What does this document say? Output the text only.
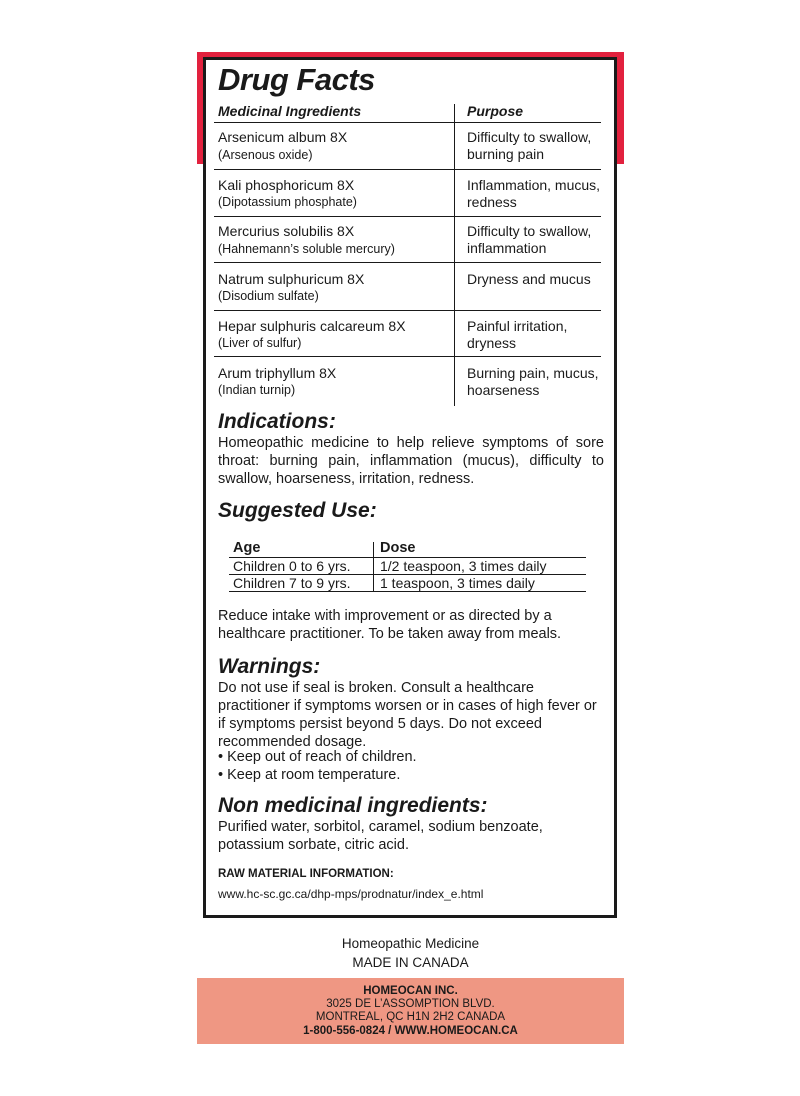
Drug Facts
Medicinal Ingredients	Purpose
Arsenicum album 8X
(Arsenous oxide)
Difficulty to swallow, burning pain
Kali phosphoricum 8X
(Dipotassium phosphate)
Inflammation, mucus, redness
Mercurius solubilis 8X
(Hahnemann’s soluble mercury)
Difficulty to swallow, inflammation
Natrum sulphuricum 8X
(Disodium sulfate)
Dryness and mucus
Hepar sulphuris calcareum 8X
(Liver of sulfur)
Painful irritation, dryness
Arum triphyllum 8X
(Indian turnip)
Burning pain, mucus, hoarseness
Indications:
Homeopathic medicine to help relieve symptoms of sore throat: burning pain, inflammation (mucus), difficulty to swallow, hoarseness, irritation, redness.
Suggested Use:
Age	Dose
Children 0 to 6 yrs. 1/2 teaspoon, 3 times daily
Children 7 to 9 yrs. 1 teaspoon, 3 times daily
Reduce intake with improvement or as directed by a healthcare practitioner. To be taken away from meals.
Warnings:
Do not use if seal is broken. Consult a healthcare practitioner if symptoms worsen or in cases of high fever or if symptoms persist beyond 5 days. Do not exceed recommended dosage.
• Keep out of reach of children.
• Keep at room temperature.
Non medicinal ingredients:
Purified water, sorbitol, caramel, sodium benzoate, potassium sorbate, citric acid.
RAW MATERIAL INFORMATION:
www.hc-sc.gc.ca/dhp-mps/prodnatur/index_e.html
Homeopathic Medicine
MADE IN CANADA
HOMEOCAN INC.
3025 DE L’ASSOMPTION BLVD.
MONTREAL, QC H1N 2H2 CANADA
1-800-556-0824 / WWW.HOMEOCAN.CA
